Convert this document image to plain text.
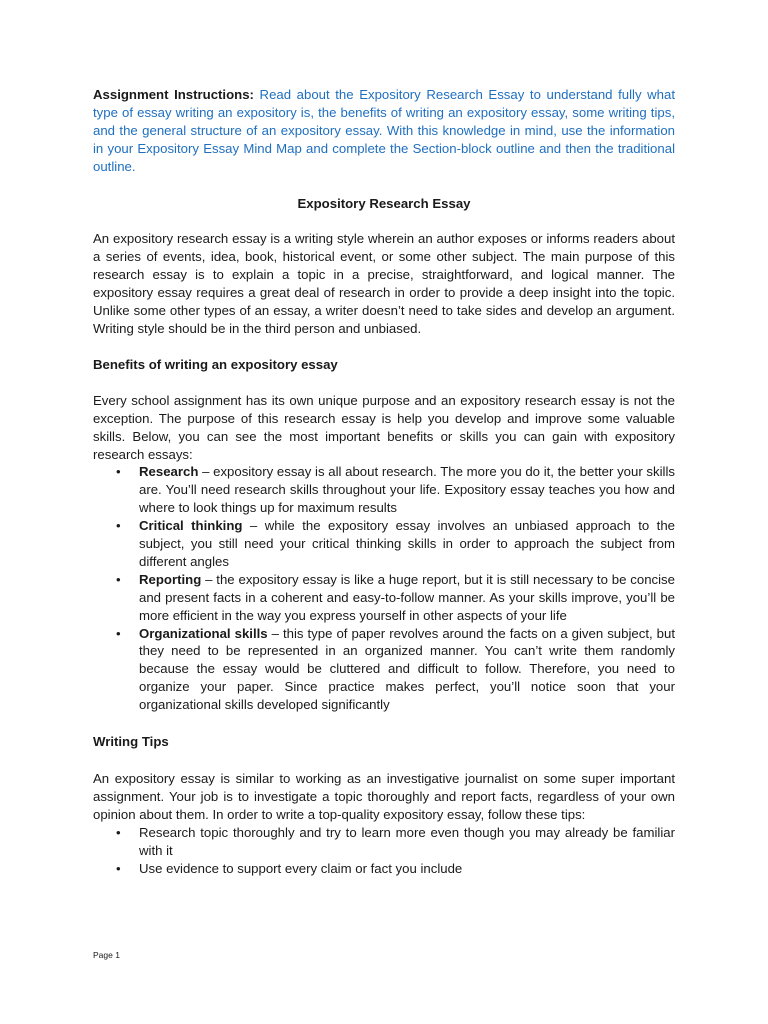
Assignment Instructions: Read about the Expository Research Essay to understand fully what type of essay writing an expository is, the benefits of writing an expository essay, some writing tips, and the general structure of an expository essay. With this knowledge in mind, use the information in your Expository Essay Mind Map and complete the Section-block outline and then the traditional outline.

Expository Research Essay

An expository research essay is a writing style wherein an author exposes or informs readers about a series of events, idea, book, historical event, or some other subject. The main purpose of this research essay is to explain a topic in a precise, straightforward, and logical manner. The expository essay requires a great deal of research in order to provide a deep insight into the topic. Unlike some other types of an essay, a writer doesn’t need to take sides and develop an argument. Writing style should be in the third person and unbiased.

Benefits of writing an expository essay

Every school assignment has its own unique purpose and an expository research essay is not the exception. The purpose of this research essay is help you develop and improve some valuable skills. Below, you can see the most important benefits or skills you can gain with expository research essays:

• Research – expository essay is all about research. The more you do it, the better your skills are. You’ll need research skills throughout your life. Expository essay teaches you how and where to look things up for maximum results
• Critical thinking – while the expository essay involves an unbiased approach to the subject, you still need your critical thinking skills in order to approach the subject from different angles
• Reporting – the expository essay is like a huge report, but it is still necessary to be concise and present facts in a coherent and easy-to-follow manner. As your skills improve, you’ll be more efficient in the way you express yourself in other aspects of your life
• Organizational skills – this type of paper revolves around the facts on a given subject, but they need to be represented in an organized manner. You can’t write them randomly because the essay would be cluttered and difficult to follow. Therefore, you need to organize your paper. Since practice makes perfect, you’ll notice soon that your organizational skills developed significantly
Writing Tips

An expository essay is similar to working as an investigative journalist on some super important assignment. Your job is to investigate a topic thoroughly and report facts, regardless of your own opinion about them. In order to write a top-quality expository essay, follow these tips:

• Research topic thoroughly and try to learn more even though you may already be familiar with it
• Use evidence to support every claim or fact you include
Page 1
